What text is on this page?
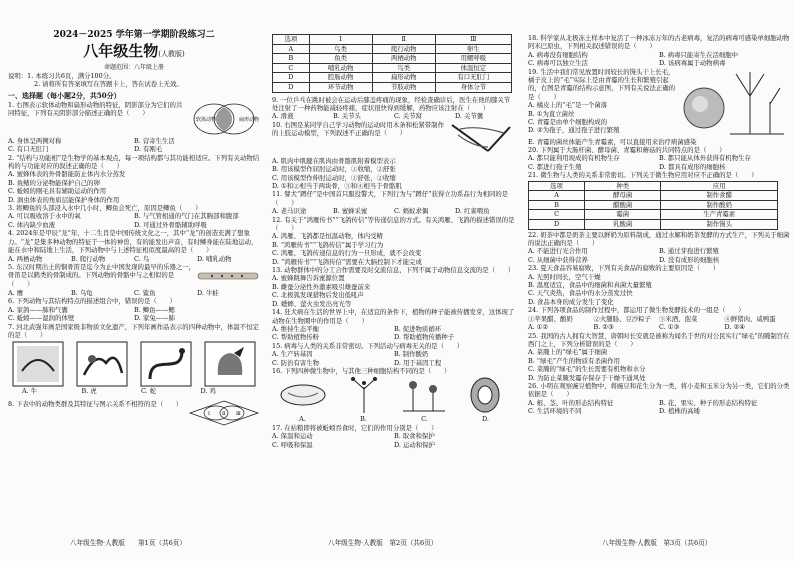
2024－2025 学年第一学期阶段练习二
八年级生物(人教版)
命题范围：八年级上册

说明：1. 本练习共6页，满分100分。

2. 请将所有答案填写在答题卡上，答在试卷上无效。

一、选择题（每小题2分，共50分）

1. 右图表示软体动物和扁形动物的特征，阴影部分为它们的共同特征，下列有关阴影部分描述正确的是（　　）

软体动物	扁形动物
A. 身体呈两侧对称	B. 营寄生生活
C. 有口无肛门	D. 有刚毛

2. “结构与功能相”是生物学的基本观点，每一项结构都与其功能相适应。下列有关动物结构的与功能对应的叙述正确的是（　　）

A. 蜜蜂体表的外骨骼能防止体内水分蒸发

B. 鱼鳍的分泌物能保护自己的卵

C. 蚯蚓的刚毛具有辅助运动的作用

D. 涡虫体表的角质层能保护身体的作用

3. 将鲫鱼的头部浸入水中几小时，鲫鱼会死亡，原因是鲫鱼（　　）

A. 可以吸收溶于水中的氧	B. 与气管相通的气门在其胸部和腹部
C. 体内缺少血液	D. 可通过外骨骼辅助呼吸

4. 2024年是甲辰“龙”年，十二生肖是中国传统文化之一，其中“龙”的创造充满了想象力。“龙”是集多种动物的特征于一体的神兽，有的能发出声音，有时鳞身能在陆地运动，能在水中和陆地上生活，下列动物中与上述特征相似度最高的是（　　）

A. 两栖动物	B. 爬行动物	C. 鸟	D. 哺乳动物

5. 东汉时期出土的铜骨笛是迄今为止中国发现的最早的乐器之一，骨笛是以鹤类的骨制成的。下列动物的骨骼中与之相似的是（　　）

A. 鹰	B. 乌龟	C. 鲨鱼	D. 牛蛙

6. 下列动物与其结构特点的描述组合中，错误的是（　　）

A. 家鸽——肺和气囊	B. 鲫鱼——鳃
C. 蚯蚓——湿润的体壁	D. 家兔——肺

7. 河北武强年画是国家级非物质文化遗产，下列年画作品表示的四种动物中，体温不恒定的是（　　）

A. 牛	B. 虎	C. 蛇	D. 鸡

8. 下表中的动物类群及其特征与图示关系不相符的是（　　）

Ⅰ Ⅱ Ⅲ
八年级生物·人教版　　第1页（共6页）
选项	Ⅰ	Ⅱ	Ⅲ
A	鸟类	爬行动物	卵生
B	鱼类	两栖动物	用鳃呼吸
C	哺乳动物	鸟类	体温恒定
D	腔肠动物	扁形动物	有口无肛门
D	环节动物	节肢动物	身体分节

9. 一位乒乓在跳时被会在运动后膝盖疼痛的现象，经检查确诊后，医生在他的膝关节处注射了一种药物能减轻疼痛，症状很快得到缓解，药物应该注射在（　　）

A. 滑液	B. 关节头	C. 关节窝	D. 关节囊

10. 右图是某同学自己学习动物的运动时用木条和松紧带制作的上肢运动模型，下列叙述不正确的是（　　）

A. 肌肉中肌腱在肌肉由骨骼肌附着模型表示

B. 用该模型作屈肘运动时，①收缩，②舒张

C. 用该模型作伸肘运动时，①舒张，②收缩

D. ①和②相当于两块骨，③和④相当于骨骼肌

11. 譬犬“蹲仔”是中国首只服役警犬，下列行为与“蹲仔”获得立功系品行为相同的是（　　）

A. 老马识途	B. 蜜蜂采蜜	C. 蚂蚁求偶	D. 红雀喂鱼

12. 有关于“鸿雁传书”“飞鸽传信”等传递信息的方式。有关鸿雁、飞鸽的描述错误的是（　　）

A. 鸿雁、飞鸽都是恒温动物，体内受精

B. “鸿雁传书”“飞鸽传信”属于学习行为

C. 鸿雁、飞鸽传递信息的行为一旦形成，就不会改变

D. “鸿雁传书”“飞鸽传信”需要在大脑控制下才能完成

13. 动物群体中的分工合作需要及时交流信息，下列不属于动物信息交流的是（　　）

A. 蜜蜂跳舞告诉蜜源位置

B. 雌蚕分泌性外激素吸引雄蚕前来

C. 北极狐发现猎物后发出低吼声

D. 蟋蟀、萤火虫发出亮光等

14. 狂犬病在生活的世界上中，在适宜的条件下，植物的种子能被传播发芽，这体现了动物在生物圈中的作用是（　　）

A. 维持生态平衡	B. 促进物质循环
C. 帮助植物传粉	D. 帮助植物传播种子

15. 病毒与人类的关系非常密切。下列活动与病毒无关的是（　　）

A. 生产转基因	B. 制作酸奶
C. 防治有害生物	D. 用于基因工程

16. 下列四种微生物中，与其他三种细胞结构不同的是（　　）

A.	B.	C.	D.

17. 在枯粮即将被蚯蚓吞食时，它们的作用分别是（　　）

A. 保温和运动	B. 取食和保护
C. 呼吸和保温	D. 运动和保护
八年级生物·人教版　第2页（共6页）

18. 科学家从北极冻土样本中复活了一种冰冻万年的古老病毒，复活的病毒可感染单细胞动物阿米巴原虫，下列相关叙述错误的是（　　）

A. 病毒没有细胞结构	B. 病毒只能寄生在活细胞中
C. 病毒可以独立生活	D. 该病毒属于动物病毒

19. 生活中我们常见放置时间较长的馒头干上长毛，橘子皮上的“毛”实际上是由青霉的生长和繁殖引起的，右图是青霉的结构示意图，下列有关说法正确的是（　　）

A. 橘皮上的“毛”是一个菌落

B. ①为直立菌丝

C. 青霉是由单个细胞构成的

D. ②为孢子，通过孢子进行繁殖

E. 青霉的菌丝体能产生青霉素，可以直接用来治疗病菌感染

20. 下列属于大肠杆菌、酵母菌、青霉和蘑菇的共同特点的是（　　）

A. 都只能利用现成的有机物生存	B. 都只能从体外获得有机物生存
C. 都进行孢子生殖	D. 都具有成形的细胞核

21. 微生物与人类的关系非常密切。下列关于微生物应用对应不正确的是（　　）

选项	种类	应用
A	酵母菌	制作食醋
B	醋酸菌	制作酸奶
C	霉菌	生产青霉素
D	乳酸菌	制作馒头

22. 奶茶中都是奶茶主要以鲜奶为原料制成，通过水解和奶茶发酵的方式生产，下列关于细菌的说法正确的是（　　）

A. 不能进行光合作用	B. 通过芽孢进行繁殖
C. 从细菌中获得营养	D. 没有成形的细胞核

23. 夏天食品容易腐败，下列有关食品的腐败的主要原因是（　　）

A. 光照时间长，空气干燥

B. 温度适宜，食品中的细菌和真菌大量繁殖

C. 天气炎热，食品中的水分蒸发过快

D. 食品本身的成分发生了变化

24. 下列各项食品的制作过程中，都运用了微生物发酵技术的一组是（　　）

①苹果醋、酸奶	②火腿肠、豆沙粽子	③米酒、泡菜	④鲜猪肉、咸鸭蛋
A. ①②	B. ②③	C. ①③	D. ②④

25. 我国的古人拥有大智慧，唐朝时长安就是被称为闻名于世的对公民实行“绿毛”的腌制宫在西门之上，下列分析错误的是（　　）

A. 菜腌上的“绿毛”属于细菌

B. “绿毛”产生的物质有杀菌作用

C. 菜腌的“绿毛”的生长需要有机物和水分

D. 为防止菜腌发霉存保存于干燥不通风处

26. 小明在观察豌豆植物中，将豌豆和花生分为一类，将小麦和玉米分为另一类，它们的分类依据是（　　）

A. 根、茎、叶的形态结构特征	B. 花、果实、种子的形态结构特征
C. 生活环境的不同	D. 植株的高矮
八年级生物·人教版　第3页（共6页）
